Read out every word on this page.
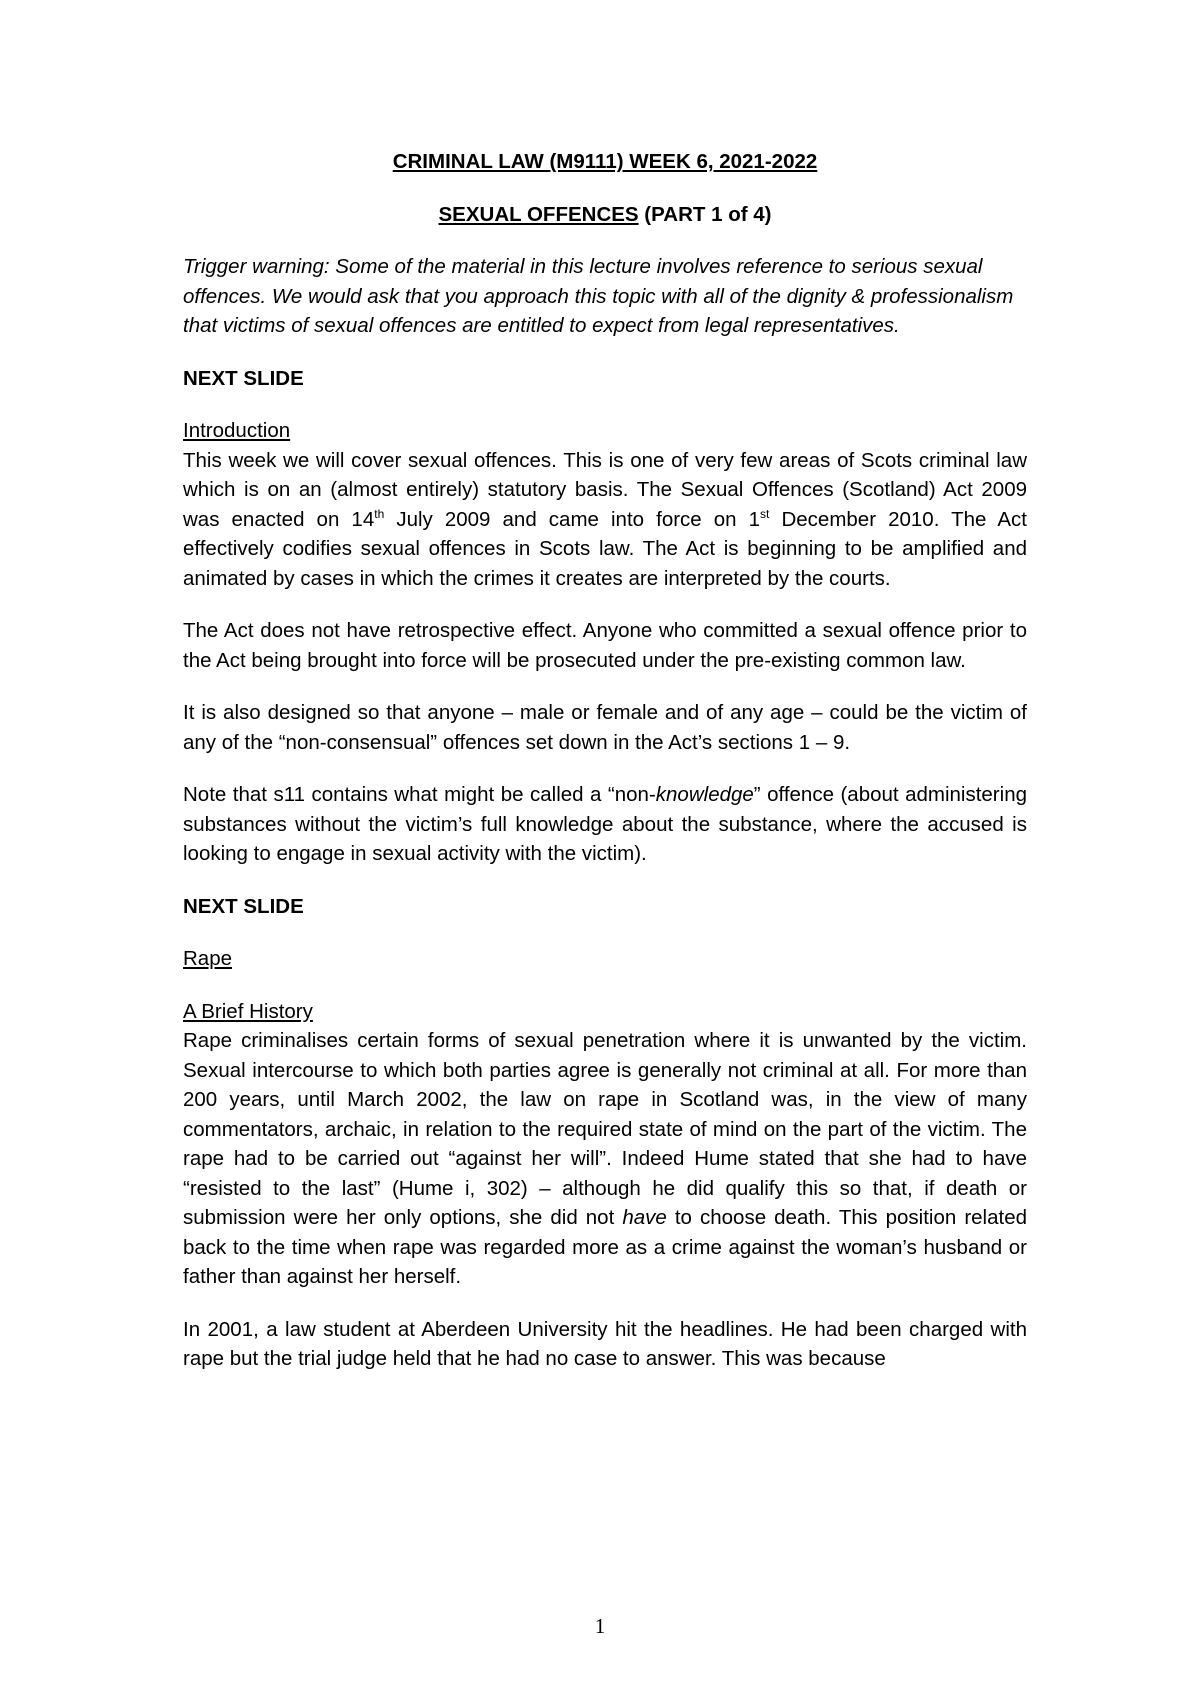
CRIMINAL LAW (M9111) WEEK 6, 2021-2022

SEXUAL OFFENCES (PART 1 of 4)

Trigger warning: Some of the material in this lecture involves reference to serious sexual offences. We would ask that you approach this topic with all of the dignity & professionalism that victims of sexual offences are entitled to expect from legal representatives.

NEXT SLIDE

Introduction

This week we will cover sexual offences. This is one of very few areas of Scots criminal law which is on an (almost entirely) statutory basis. The Sexual Offences (Scotland) Act 2009 was enacted on 14th July 2009 and came into force on 1st December 2010. The Act effectively codifies sexual offences in Scots law. The Act is beginning to be amplified and animated by cases in which the crimes it creates are interpreted by the courts.

The Act does not have retrospective effect. Anyone who committed a sexual offence prior to the Act being brought into force will be prosecuted under the pre-existing common law.

It is also designed so that anyone – male or female and of any age – could be the victim of any of the “non-consensual” offences set down in the Act’s sections 1 – 9.

Note that s11 contains what might be called a “non-knowledge” offence (about administering substances without the victim’s full knowledge about the substance, where the accused is looking to engage in sexual activity with the victim).

NEXT SLIDE

Rape

A Brief History

Rape criminalises certain forms of sexual penetration where it is unwanted by the victim. Sexual intercourse to which both parties agree is generally not criminal at all. For more than 200 years, until March 2002, the law on rape in Scotland was, in the view of many commentators, archaic, in relation to the required state of mind on the part of the victim. The rape had to be carried out “against her will”. Indeed Hume stated that she had to have “resisted to the last” (Hume i, 302) – although he did qualify this so that, if death or submission were her only options, she did not have to choose death. This position related back to the time when rape was regarded more as a crime against the woman’s husband or father than against her herself.

In 2001, a law student at Aberdeen University hit the headlines. He had been charged with rape but the trial judge held that he had no case to answer. This was because

1
